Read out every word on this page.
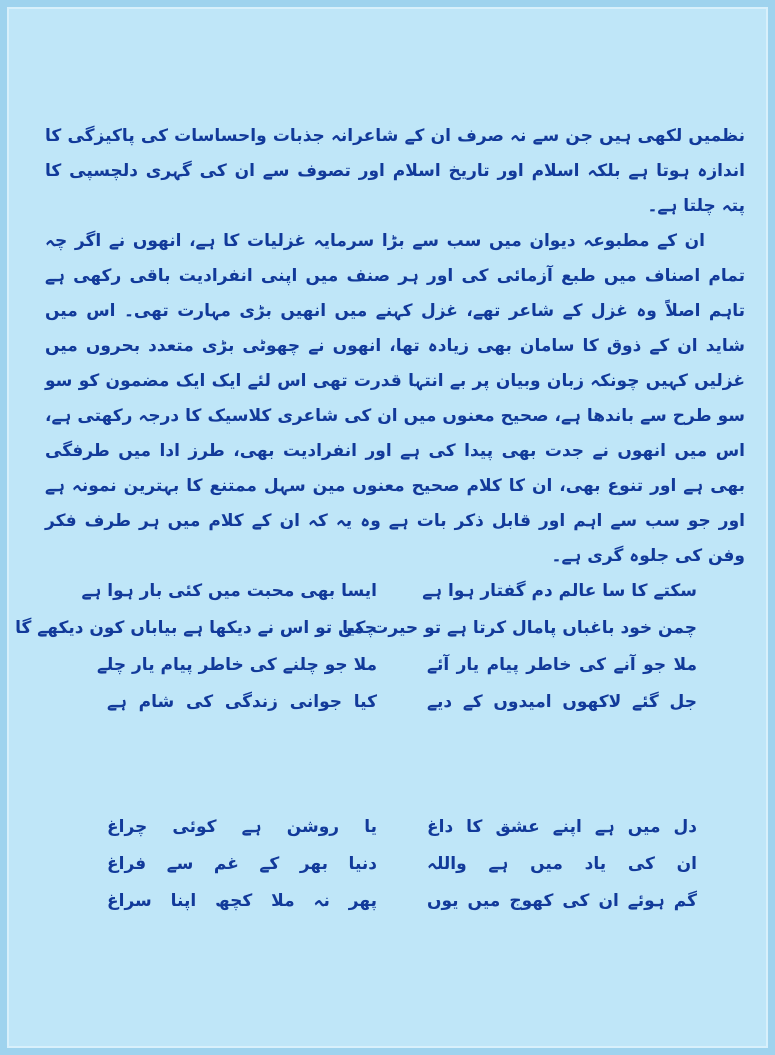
نظمیں لکھی ہیں جن سے نہ صرف ان کے شاعرانہ جذبات واحساسات کی پاکیزگی کا اندازہ ہوتا ہے بلکہ اسلام اور تاریخ اسلام اور تصوف سے ان کی گہری دلچسپی کا پتہ چلتا ہے۔

ان کے مطبوعہ دیوان میں سب سے بڑا سرمایہ غزلیات کا ہے، انھوں نے اگر چہ تمام اصناف میں طبع آزمائی کی اور ہر صنف میں اپنی انفرادیت باقی رکھی ہے تاہم اصلاً وہ غزل کے شاعر تھے، غزل کہنے میں انھیں بڑی مہارت تھی۔ اس میں شاید ان کے ذوق کا سامان بھی زیادہ تھا، انھوں نے چھوٹی بڑی متعدد بحروں میں غزلیں کہیں چونکہ زبان وبیان پر بے انتہا قدرت تھی اس لئے ایک ایک مضمون کو سو سو طرح سے باندھا ہے، صحیح معنوں میں ان کی شاعری کلاسیک کا درجہ رکھتی ہے، اس میں انھوں نے جدت بھی پیدا کی ہے اور انفرادیت بھی، طرز ادا میں طرفگی بھی ہے اور تنوع بھی، ان کا کلام صحیح معنوں مین سہل ممتنع کا بہترین نمونہ ہے اور جو سب سے اہم اور قابل ذکر بات ہے وہ یہ کہ ان کے کلام میں ہر طرف فکر وفن کی جلوہ گری ہے۔

سکتے کا سا عالم دم گفتار ہوا ہے
ایسا بھی محبت میں کئی بار ہوا ہے
چمن خود باغباں پامال کرتا ہے تو حیرت کیا
چمن تو اس نے دیکھا ہے بیاباں کون دیکھے گا
ملا جو آنے کی خاطر پیام یار آئے
ملا جو چلنے کی خاطر پیام یار چلے
جل گئے لاکھوں امیدوں کے دیے
کیا جوانی زندگی کی شام ہے
دل میں ہے اپنے عشق کا داغ
یا روشن ہے کوئی چراغ
ان کی یاد میں ہے واللہ
دنیا بھر کے غم سے فراغ
گم ہوئے ان کی کھوج میں یوں
پھر نہ ملا کچھ اپنا سراغ
